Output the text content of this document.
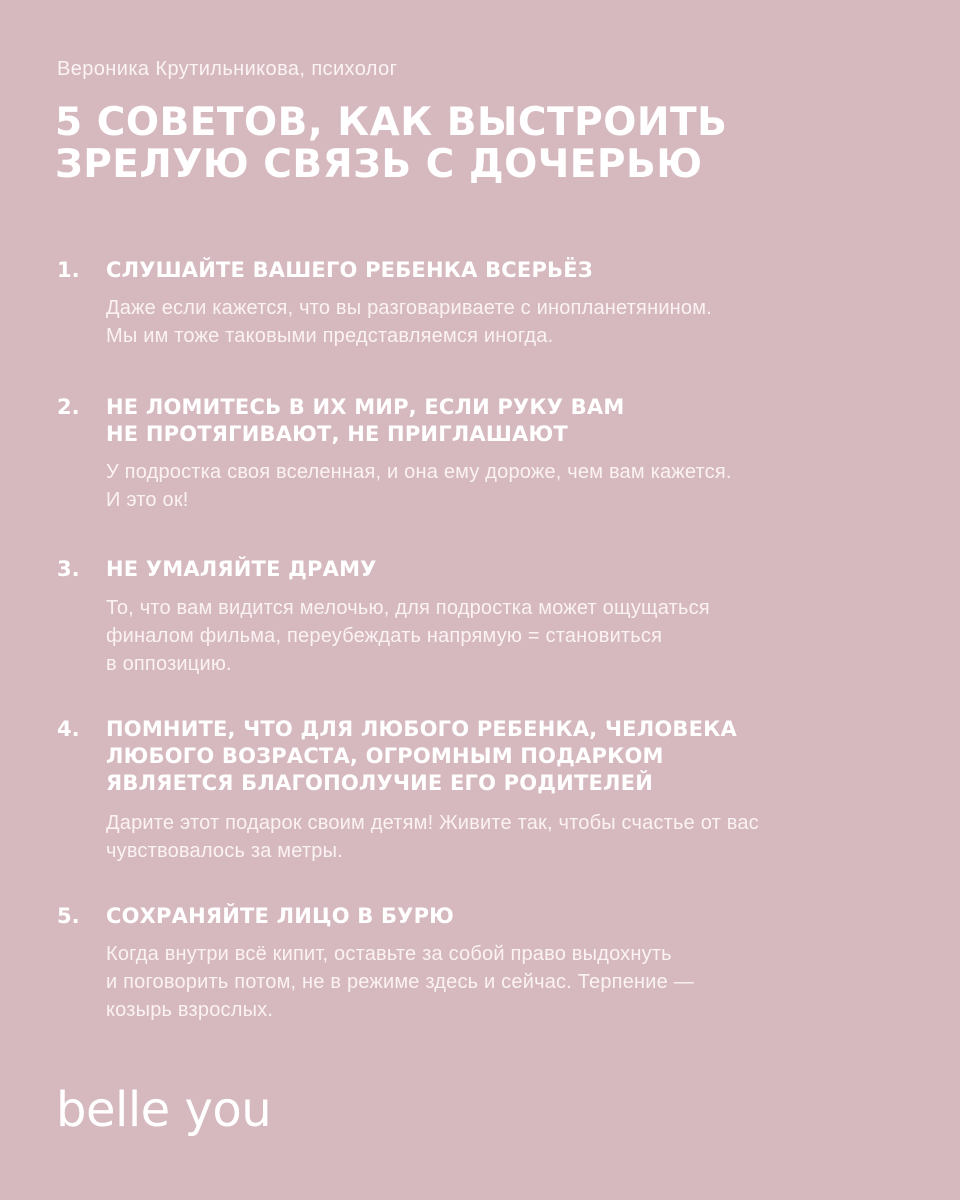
Вероника Крутильникова, психолог
5 СОВЕТОВ, КАК ВЫСТРОИТЬ
ЗРЕЛУЮ СВЯЗЬ С ДОЧЕРЬЮ
1. СЛУШАЙТЕ ВАШЕГО РЕБЕНКА ВСЕРЬЁЗ

Даже если кажется, что вы разговариваете с инопланетянином.
Мы им тоже таковыми представляемся иногда.

2. НЕ ЛОМИТЕСЬ В ИХ МИР, ЕСЛИ РУКУ ВАМ
НЕ ПРОТЯГИВАЮТ, НЕ ПРИГЛАШАЮТ

У подростка своя вселенная, и она ему дороже, чем вам кажется.
И это ок!

3. НЕ УМАЛЯЙТЕ ДРАМУ

То, что вам видится мелочью, для подростка может ощущаться
финалом фильма, переубеждать напрямую = становиться
в оппозицию.

4. ПОМНИТЕ, ЧТО ДЛЯ ЛЮБОГО РЕБЕНКА, ЧЕЛОВЕКА
ЛЮБОГО ВОЗРАСТА, ОГРОМНЫМ ПОДАРКОМ
ЯВЛЯЕТСЯ БЛАГОПОЛУЧИЕ ЕГО РОДИТЕЛЕЙ

Дарите этот подарок своим детям! Живите так, чтобы счастье от вас
чувствовалось за метры.

5. СОХРАНЯЙТЕ ЛИЦО В БУРЮ

Когда внутри всё кипит, оставьте за собой право выдохнуть
и поговорить потом, не в режиме здесь и сейчас. Терпение —
козырь взрослых.

belle you
